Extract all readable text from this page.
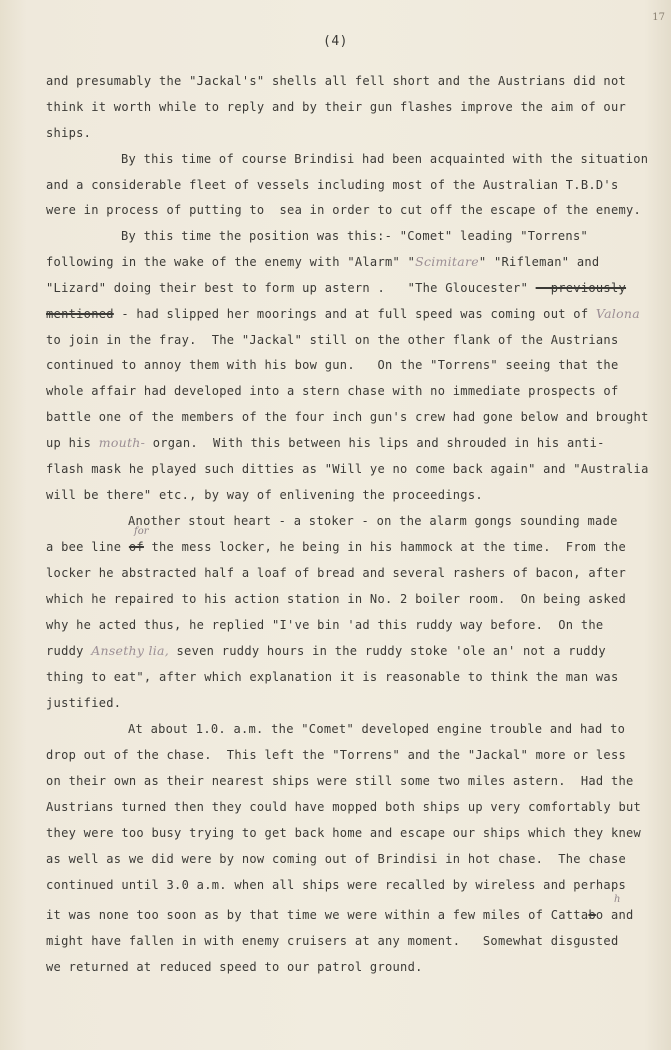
17
(4)
and presumably the "Jackal's" shells all fell short and the Austrians did not
think it worth while to reply and by their gun flashes improve the aim of our
ships.
By this time of course Brindisi had been acquainted with the situation
and a considerable fleet of vessels including most of the Australian T.B.D's
were in process of putting to  sea in order to cut off the escape of the enemy.
By this time the position was this:- "Comet" leading "Torrens"
following in the wake of the enemy with "Alarm" "Scimitare" "Rifleman" and
"Lizard" doing their best to form up astern .   "The Gloucester" - previously
mentioned - had slipped her moorings and at full speed was coming out of Valona
to join in the fray.  The "Jackal" still on the other flank of the Austrians
continued to annoy them with his bow gun.   On the "Torrens" seeing that the
whole affair had developed into a stern chase with no immediate prospects of
battle one of the members of the four inch gun's crew had gone below and brought
up his mouth- organ.  With this between his lips and shrouded in his anti-
flash mask he played such ditties as "Will ye no come back again" and "Australia
will be there" etc., by way of enlivening the proceedings.
Another stout heart - a stoker - on the alarm gongs sounding made
for
a bee line of the mess locker, he being in his hammock at the time.  From the
locker he abstracted half a loaf of bread and several rashers of bacon, after
which he repaired to his action station in No. 2 boiler room.  On being asked
why he acted thus, he replied "I've bin 'ad this ruddy way before.  On the
ruddy Ansethy lia, seven ruddy hours in the ruddy stoke 'ole an' not a ruddy
thing to eat", after which explanation it is reasonable to think the man was
justified.
At about 1.0. a.m. the "Comet" developed engine trouble and had to
drop out of the chase.  This left the "Torrens" and the "Jackal" more or less
on their own as their nearest ships were still some two miles astern.  Had the
Austrians turned then they could have mopped both ships up very comfortably but
they were too busy trying to get back home and escape our ships which they knew
as well as we did were by now coming out of Brindisi in hot chase.  The chase
continued until 3.0 a.m. when all ships were recalled by wireless and perhaps
h
it was none too soon as by that time we were within a few miles of Cattabo and
might have fallen in with enemy cruisers at any moment.   Somewhat disgusted
we returned at reduced speed to our patrol ground.
